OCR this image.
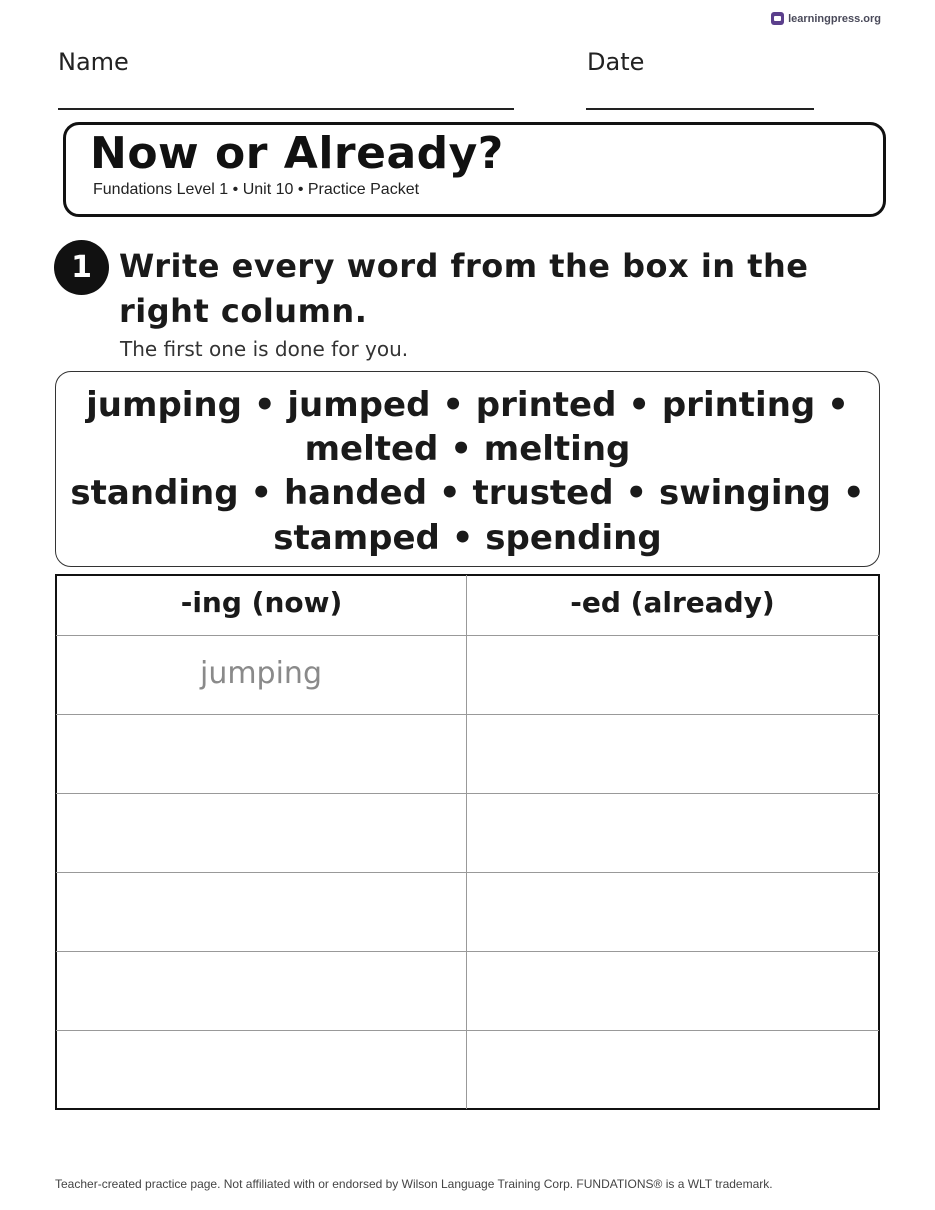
learningpress.org
Name	Date
Now or Already?
Fundations Level 1 • Unit 10 • Practice Packet
1 Write every word from the box in the right column.
The first one is done for you.
jumping • jumped • printed • printing •
melted • melting
standing • handed • trusted • swinging •
stamped • spending
-ing (now)	-ed (already)
jumping
Teacher-created practice page. Not affiliated with or endorsed by Wilson Language Training Corp. FUNDATIONS® is a WLT trademark.
